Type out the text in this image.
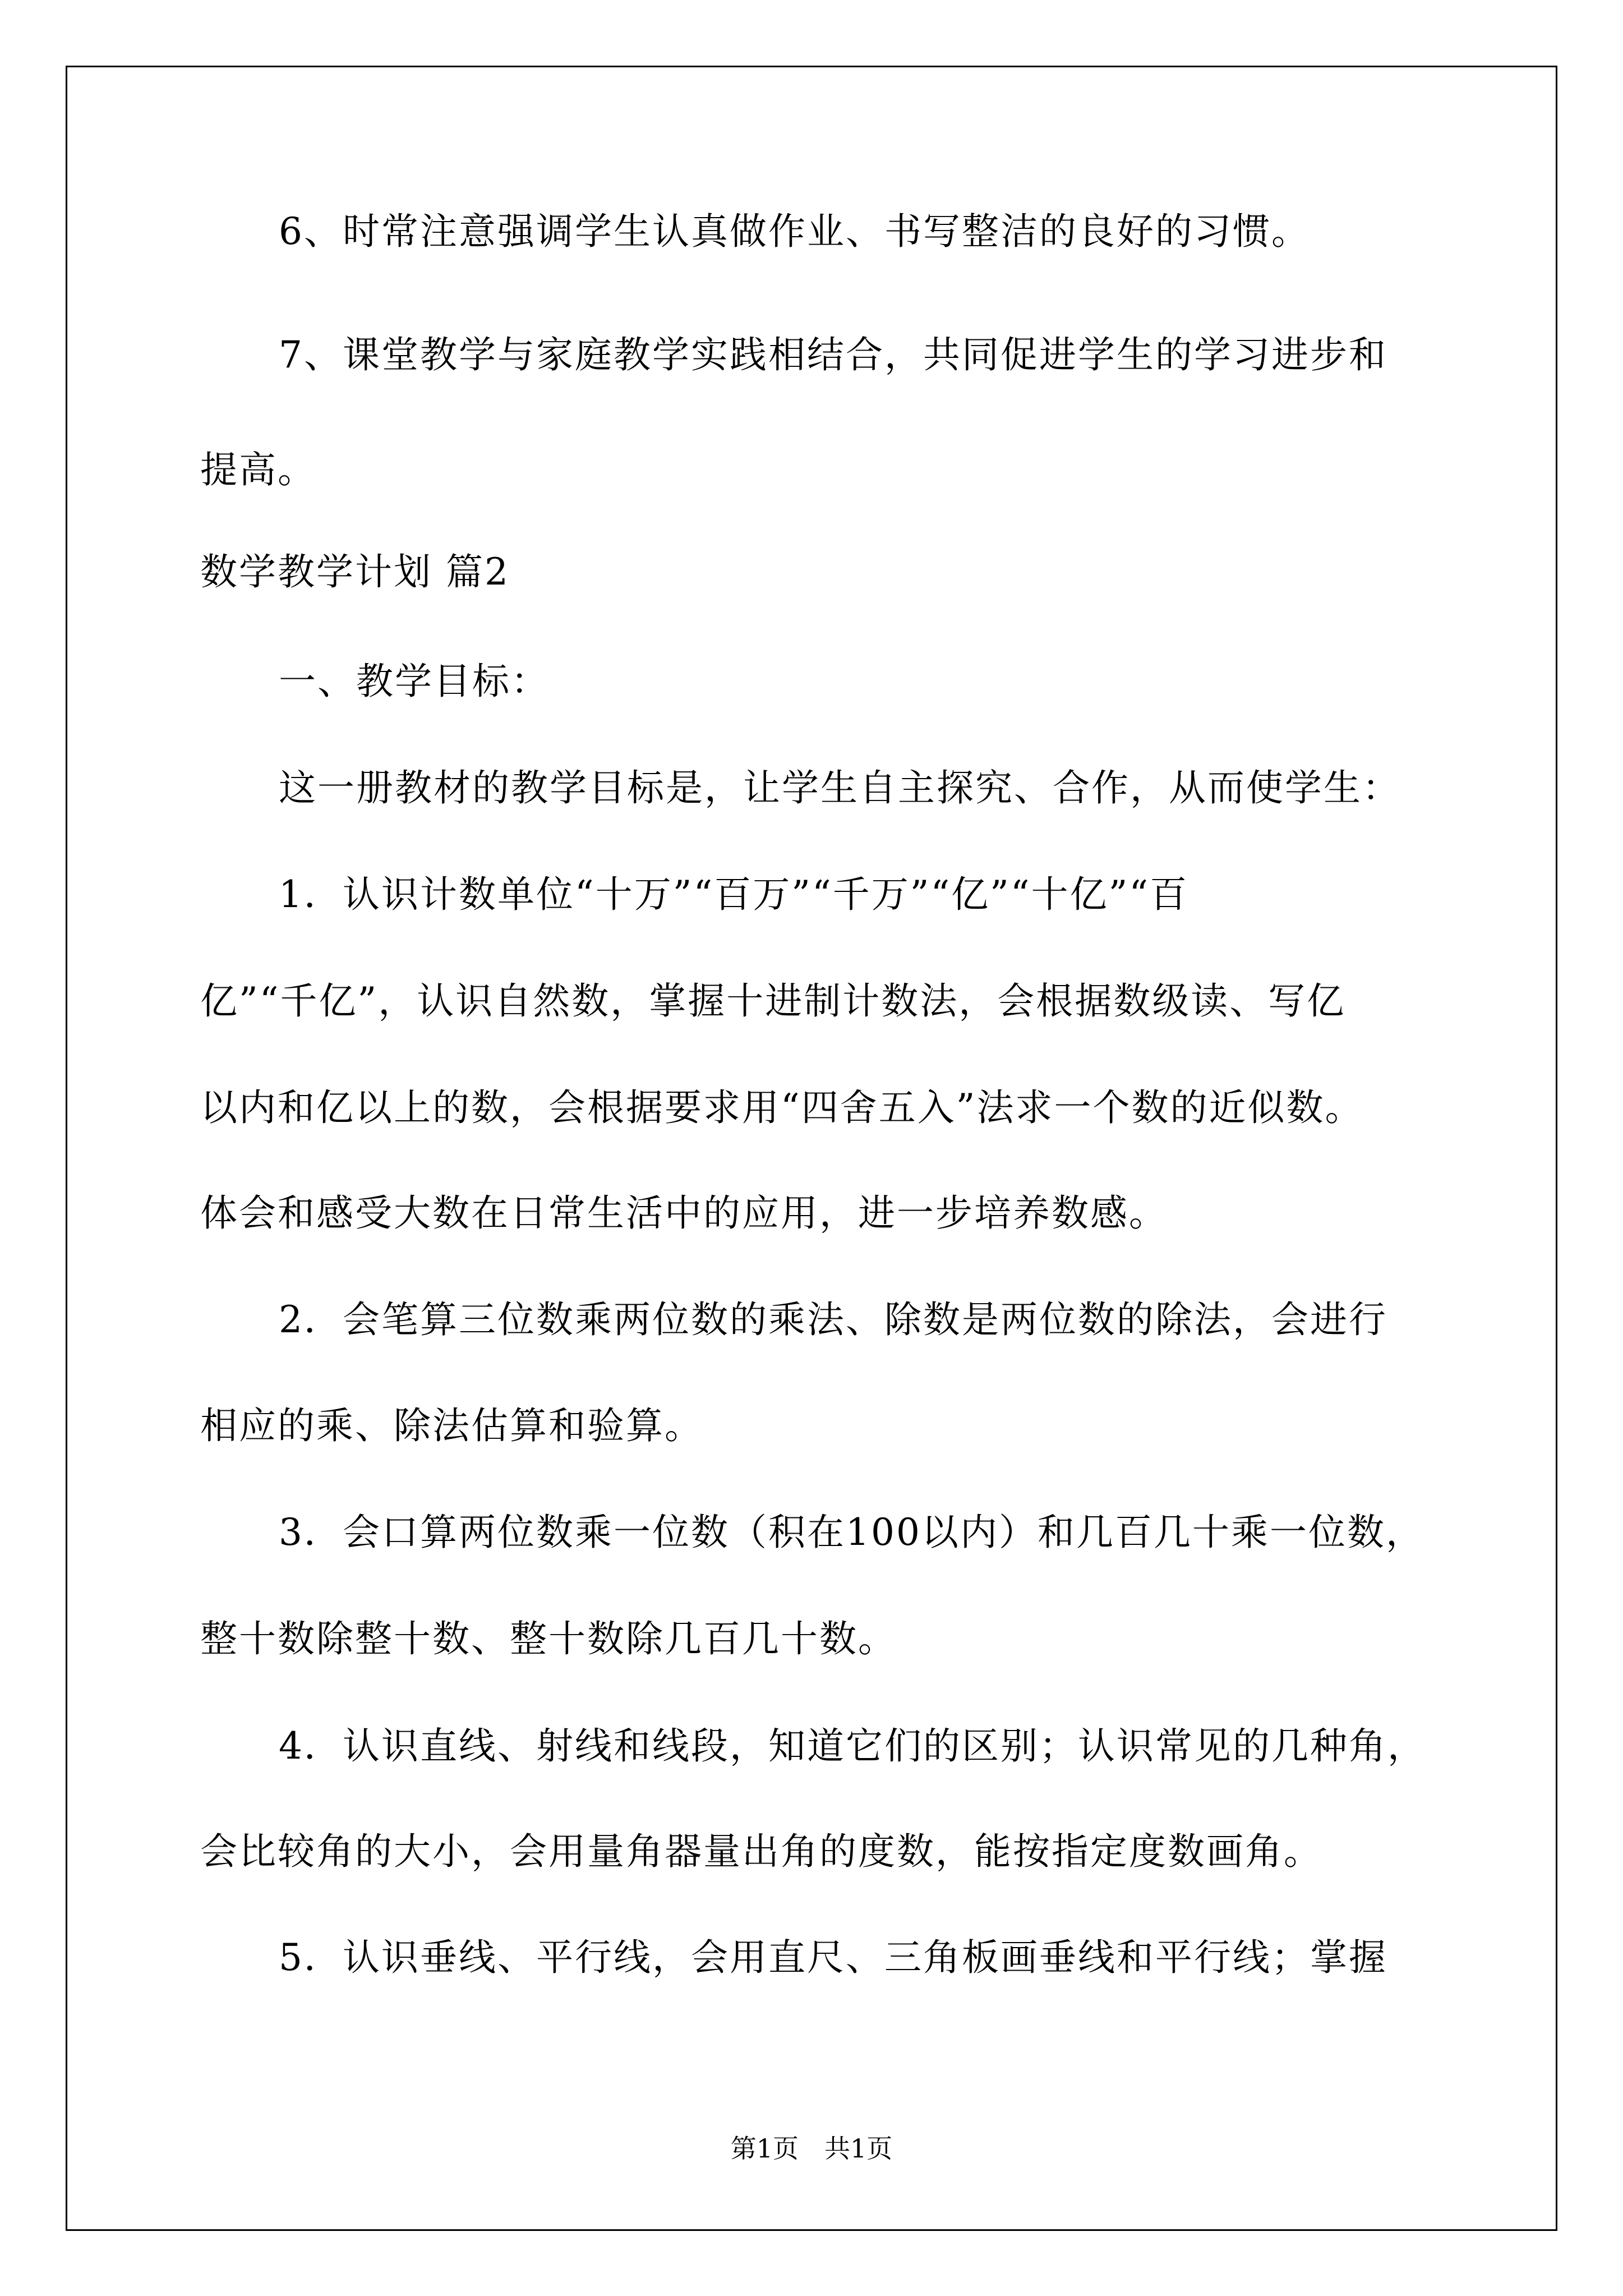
6、时常注意强调学生认真做作业、书写整洁的良好的习惯。
7、课堂教学与家庭教学实践相结合，共同促进学生的学习进步和
提高。
数学教学计划 篇2
一、教学目标：
这一册教材的教学目标是，让学生自主探究、合作，从而使学生：
1．认识计数单位“十万”“百万”“千万”“亿”“十亿”“百
亿”“千亿”，认识自然数，掌握十进制计数法，会根据数级读、写亿
以内和亿以上的数，会根据要求用“四舍五入”法求一个数的近似数。
体会和感受大数在日常生活中的应用，进一步培养数感。
2．会笔算三位数乘两位数的乘法、除数是两位数的除法，会进行
相应的乘、除法估算和验算。
3．会口算两位数乘一位数（积在100以内）和几百几十乘一位数，
整十数除整十数、整十数除几百几十数。
4．认识直线、射线和线段，知道它们的区别；认识常见的几种角，
会比较角的大小，会用量角器量出角的度数，能按指定度数画角。
5．认识垂线、平行线，会用直尺、三角板画垂线和平行线；掌握
第1页　共1页
